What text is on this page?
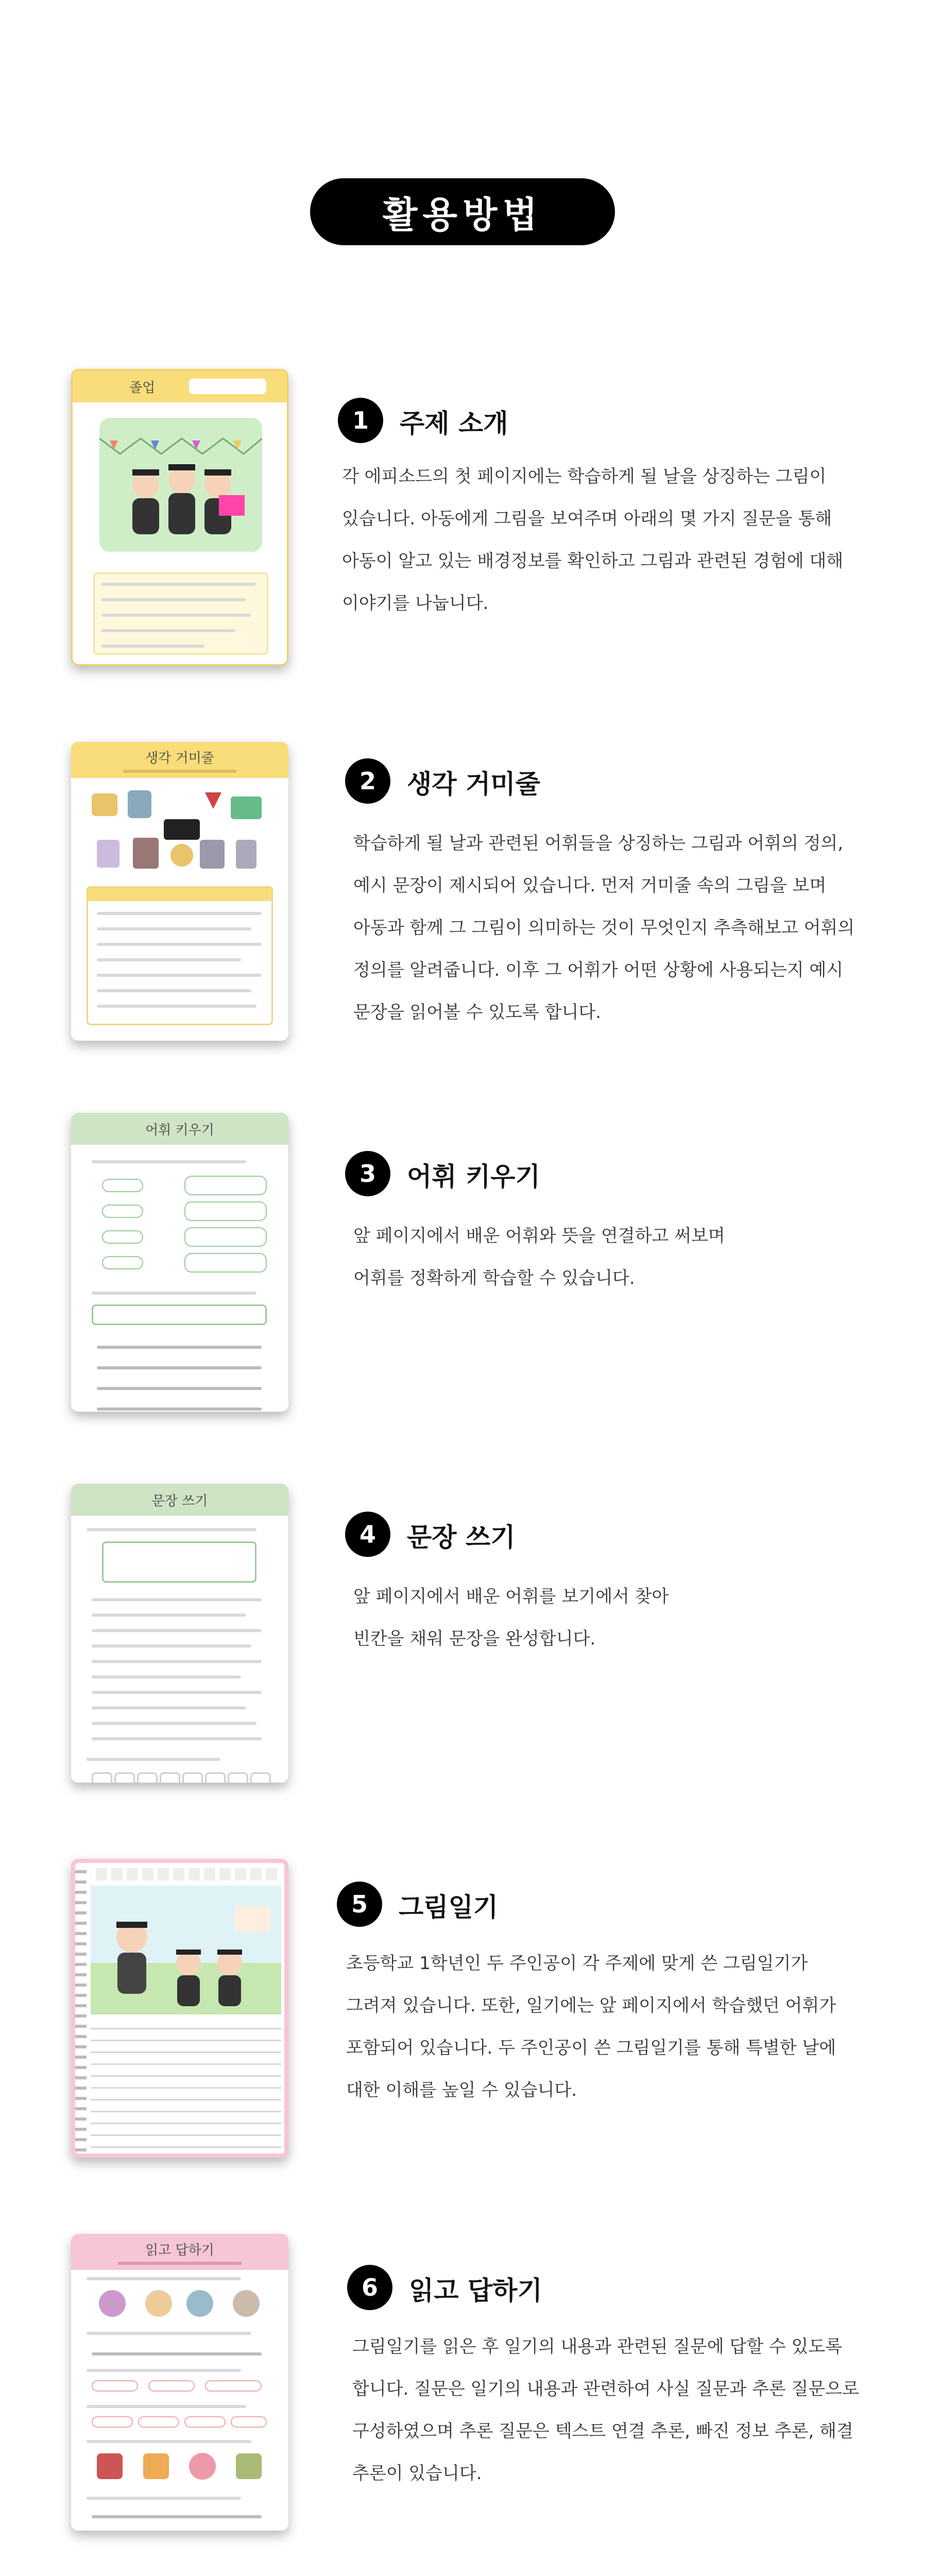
활용방법
졸업
1	주제 소개

각 에피소드의 첫 페이지에는 학습하게 될 날을 상징하는 그림이

있습니다. 아동에게 그림을 보여주며 아래의 몇 가지 질문을 통해

아동이 알고 있는 배경정보를 확인하고 그림과 관련된 경험에 대해

이야기를 나눕니다.

생각 거미줄
2	생각 거미줄

학습하게 될 날과 관련된 어휘들을 상징하는 그림과 어휘의 정의,

예시 문장이 제시되어 있습니다. 먼저 거미줄 속의 그림을 보며

아동과 함께 그 그림이 의미하는 것이 무엇인지 추측해보고 어휘의

정의를 알려줍니다. 이후 그 어휘가 어떤 상황에 사용되는지 예시

문장을 읽어볼 수 있도록 합니다.

어휘 키우기
3	어휘 키우기

앞 페이지에서 배운 어휘와 뜻을 연결하고 써보며

어휘를 정확하게 학습할 수 있습니다.

문장 쓰기
4	문장 쓰기

앞 페이지에서 배운 어휘를 보기에서 찾아

빈칸을 채워 문장을 완성합니다.

5	그림일기

초등학교 1학년인 두 주인공이 각 주제에 맞게 쓴 그림일기가

그려져 있습니다. 또한, 일기에는 앞 페이지에서 학습했던 어휘가

포함되어 있습니다. 두 주인공이 쓴 그림일기를 통해 특별한 날에

대한 이해를 높일 수 있습니다.

읽고 답하기
6	읽고 답하기

그림일기를 읽은 후 일기의 내용과 관련된 질문에 답할 수 있도록

합니다. 질문은 일기의 내용과 관련하여 사실 질문과 추론 질문으로

구성하였으며 추론 질문은 텍스트 연결 추론, 빠진 정보 추론, 해결

추론이 있습니다.
